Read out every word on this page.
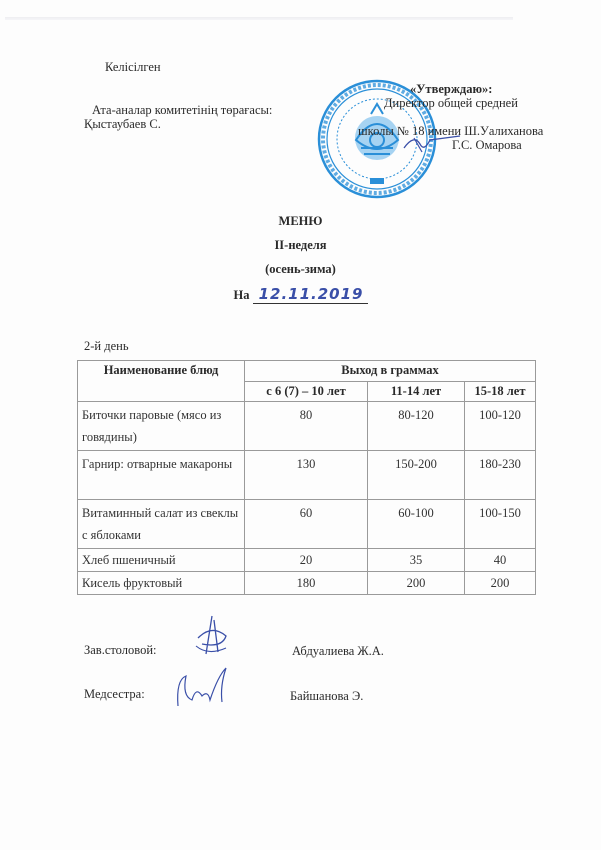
Келісілген
Ата-аналар комитетінің төрағасы:
Қыстаубаев С.
«Утверждаю»:
Директор общей средней
школы № 18 имени Ш.Уалиханова
Г.С. Омарова
МЕНЮ
II-неделя
(осень-зима)
На 12.11.2019
2-й день
Наименование блюд	Выход в граммах		
	с 6 (7) – 10 лет	11-14 лет	15-18 лет
Биточки паровые (мясо из говядины)	80	80-120	100-120
Гарнир: отварные макароны	130	150-200	180-230
Витаминный салат из свеклы с яблоками	60	60-100	100-150
Хлеб пшеничный	20	35	40
Кисель фруктовый	180	200	200
Зав.столовой:	Абдуалиева Ж.А.
Медсестра:	Байшанова Э.
